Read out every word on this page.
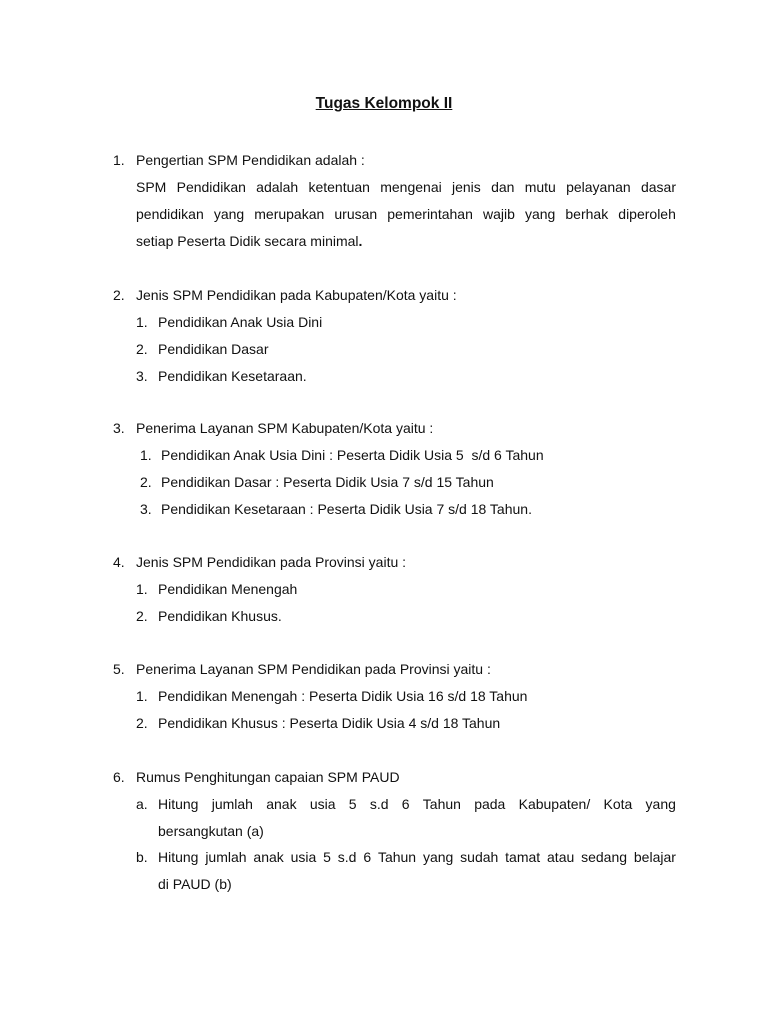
Tugas Kelompok II
1. Pengertian SPM Pendidikan adalah :
SPM Pendidikan adalah ketentuan mengenai jenis dan mutu pelayanan dasar
pendidikan yang merupakan urusan pemerintahan wajib yang berhak diperoleh
setiap Peserta Didik secara minimal.
2. Jenis SPM Pendidikan pada Kabupaten/Kota yaitu :
1. Pendidikan Anak Usia Dini
2. Pendidikan Dasar
3. Pendidikan Kesetaraan.
3. Penerima Layanan SPM Kabupaten/Kota yaitu :
1. Pendidikan Anak Usia Dini : Peserta Didik Usia 5  s/d 6 Tahun
2. Pendidikan Dasar : Peserta Didik Usia 7 s/d 15 Tahun
3. Pendidikan Kesetaraan : Peserta Didik Usia 7 s/d 18 Tahun.
4. Jenis SPM Pendidikan pada Provinsi yaitu :
1. Pendidikan Menengah
2. Pendidikan Khusus.
5. Penerima Layanan SPM Pendidikan pada Provinsi yaitu :
1. Pendidikan Menengah : Peserta Didik Usia 16 s/d 18 Tahun
2. Pendidikan Khusus : Peserta Didik Usia 4 s/d 18 Tahun
6. Rumus Penghitungan capaian SPM PAUD
a. Hitung jumlah anak usia 5 s.d 6 Tahun pada Kabupaten/ Kota yang
bersangkutan (a)
b. Hitung jumlah anak usia 5 s.d 6 Tahun yang sudah tamat atau sedang belajar
di PAUD (b)
